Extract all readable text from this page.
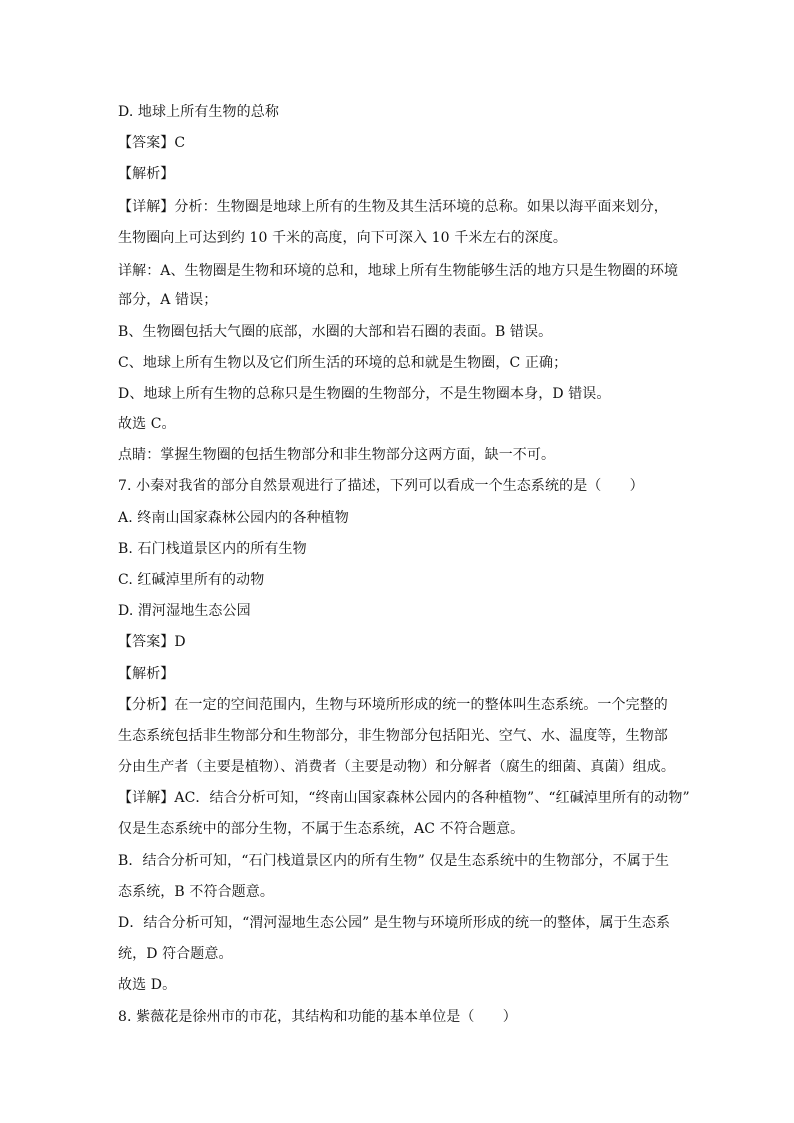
D. 地球上所有生物的总称
【答案】C
【解析】
【详解】分析：生物圈是地球上所有的生物及其生活环境的总称。如果以海平面来划分，
生物圈向上可达到约 10 千米的高度，向下可深入 10 千米左右的深度。
详解：A、生物圈是生物和环境的总和，地球上所有生物能够生活的地方只是生物圈的环境
部分，A 错误；
B、生物圈包括大气圈的底部，水圈的大部和岩石圈的表面。B 错误。
C、地球上所有生物以及它们所生活的环境的总和就是生物圈，C 正确；
D、地球上所有生物的总称只是生物圈的生物部分，不是生物圈本身，D 错误。
故选 C。
点睛：掌握生物圈的包括生物部分和非生物部分这两方面，缺一不可。
7. 小秦对我省的部分自然景观进行了描述，下列可以看成一个生态系统的是（　　）
A. 终南山国家森林公园内的各种植物
B. 石门栈道景区内的所有生物
C. 红碱淖里所有的动物
D. 渭河湿地生态公园
【答案】D
【解析】
【分析】在一定的空间范围内，生物与环境所形成的统一的整体叫生态系统。一个完整的
生态系统包括非生物部分和生物部分，非生物部分包括阳光、空气、水、温度等，生物部
分由生产者（主要是植物）、消费者（主要是动物）和分解者（腐生的细菌、真菌）组成。
【详解】AC．结合分析可知，“终南山国家森林公园内的各种植物”、“红碱淖里所有的动物”
仅是生态系统中的部分生物，不属于生态系统，AC 不符合题意。
B．结合分析可知，“石门栈道景区内的所有生物” 仅是生态系统中的生物部分，不属于生
态系统，B 不符合题意。
D．结合分析可知，“渭河湿地生态公园” 是生物与环境所形成的统一的整体，属于生态系
统，D 符合题意。
故选 D。
8. 紫薇花是徐州市的市花，其结构和功能的基本单位是（　　）
